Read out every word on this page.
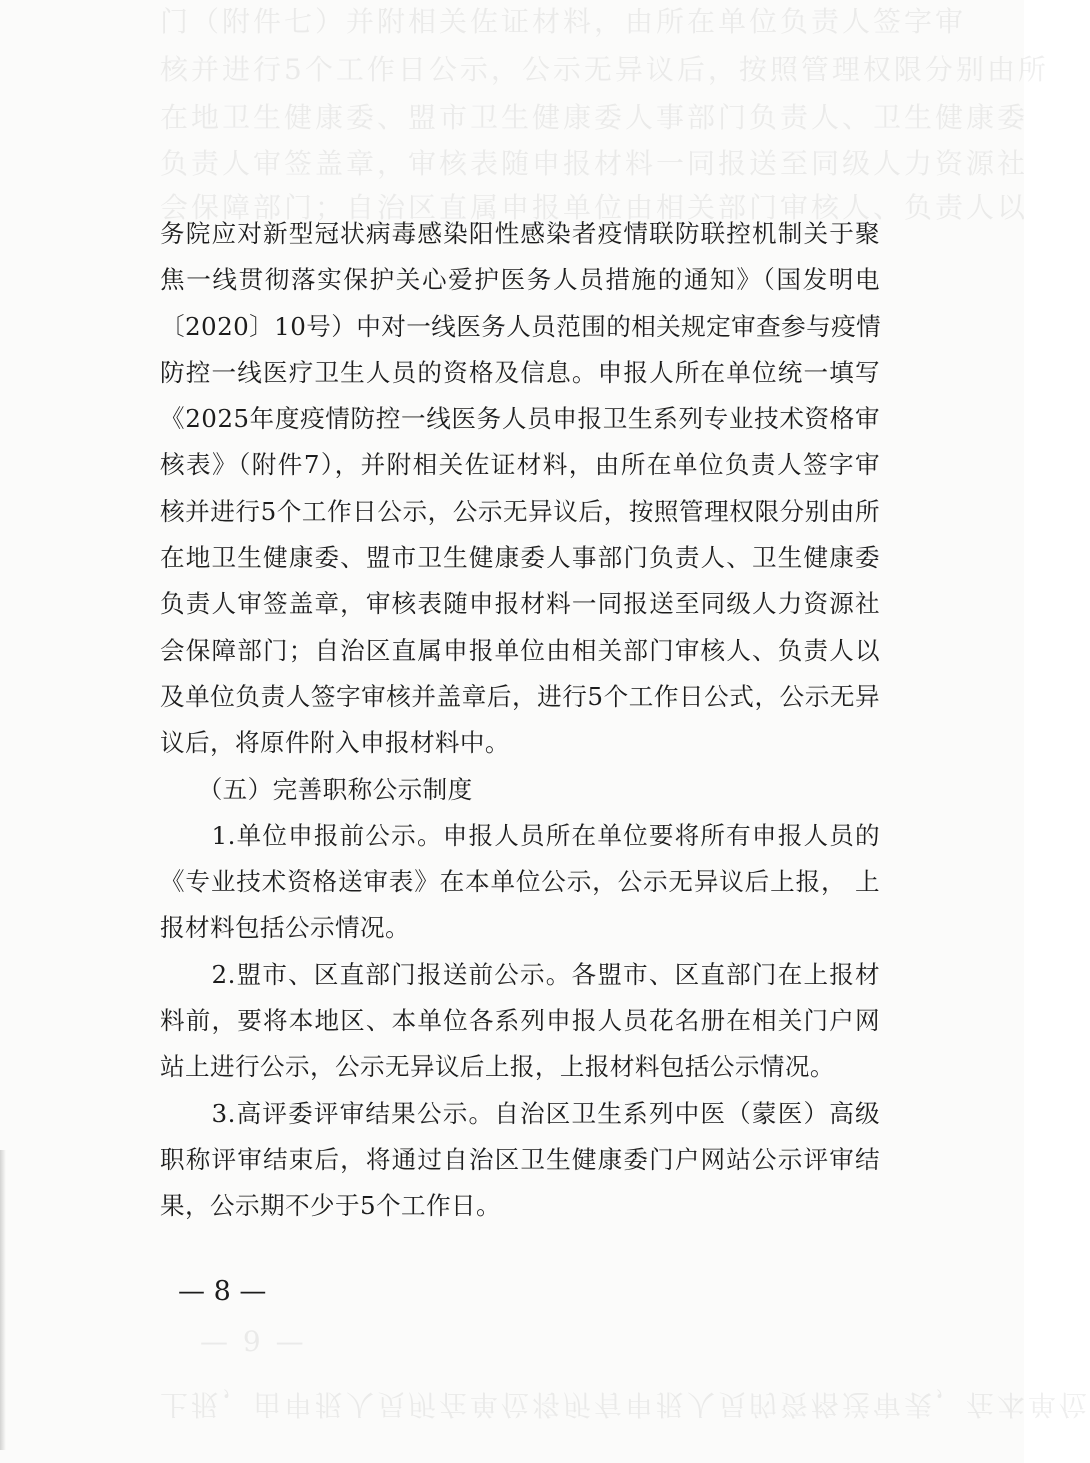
门（附件七）并附相关佐证材料，由所在单位负责人签字审
核并进行5个工作日公示，公示无异议后，按照管理权限分别由所
在地卫生健康委、盟市卫生健康委人事部门负责人、卫生健康委
负责人审签盖章，审核表随申报材料一同报送至同级人力资源社
会保障部门；自治区直属申报单位由相关部门审核人、负责人以
上报，由申报人员所在单位将所有申报人员的资格送审表，在本单位
— 9 —
务院应对新型冠状病毒感染阳性感染者疫情联防联控机制关于聚
焦一线贯彻落实保护关心爱护医务人员措施的通知》（国发明电
〔2020〕10号）中对一线医务人员范围的相关规定审查参与疫情
防控一线医疗卫生人员的资格及信息。申报人所在单位统一填写
《2025年度疫情防控一线医务人员申报卫生系列专业技术资格审
核表》（附件7），并附相关佐证材料，由所在单位负责人签字审
核并进行5个工作日公示，公示无异议后，按照管理权限分别由所
在地卫生健康委、盟市卫生健康委人事部门负责人、卫生健康委
负责人审签盖章，审核表随申报材料一同报送至同级人力资源社
会保障部门；自治区直属申报单位由相关部门审核人、负责人以
及单位负责人签字审核并盖章后，进行5个工作日公式，公示无异
议后，将原件附入申报材料中。
　　（五）完善职称公示制度
　　1.单位申报前公示。申报人员所在单位要将所有申报人员的
《专业技术资格送审表》在本单位公示，公示无异议后上报， 上
报材料包括公示情况。
　　2.盟市、区直部门报送前公示。各盟市、区直部门在上报材
料前，要将本地区、本单位各系列申报人员花名册在相关门户网
站上进行公示，公示无异议后上报，上报材料包括公示情况。
　　3.高评委评审结果公示。自治区卫生系列中医（蒙医）高级
职称评审结束后，将通过自治区卫生健康委门户网站公示评审结
果，公示期不少于5个工作日。
— 8 —
